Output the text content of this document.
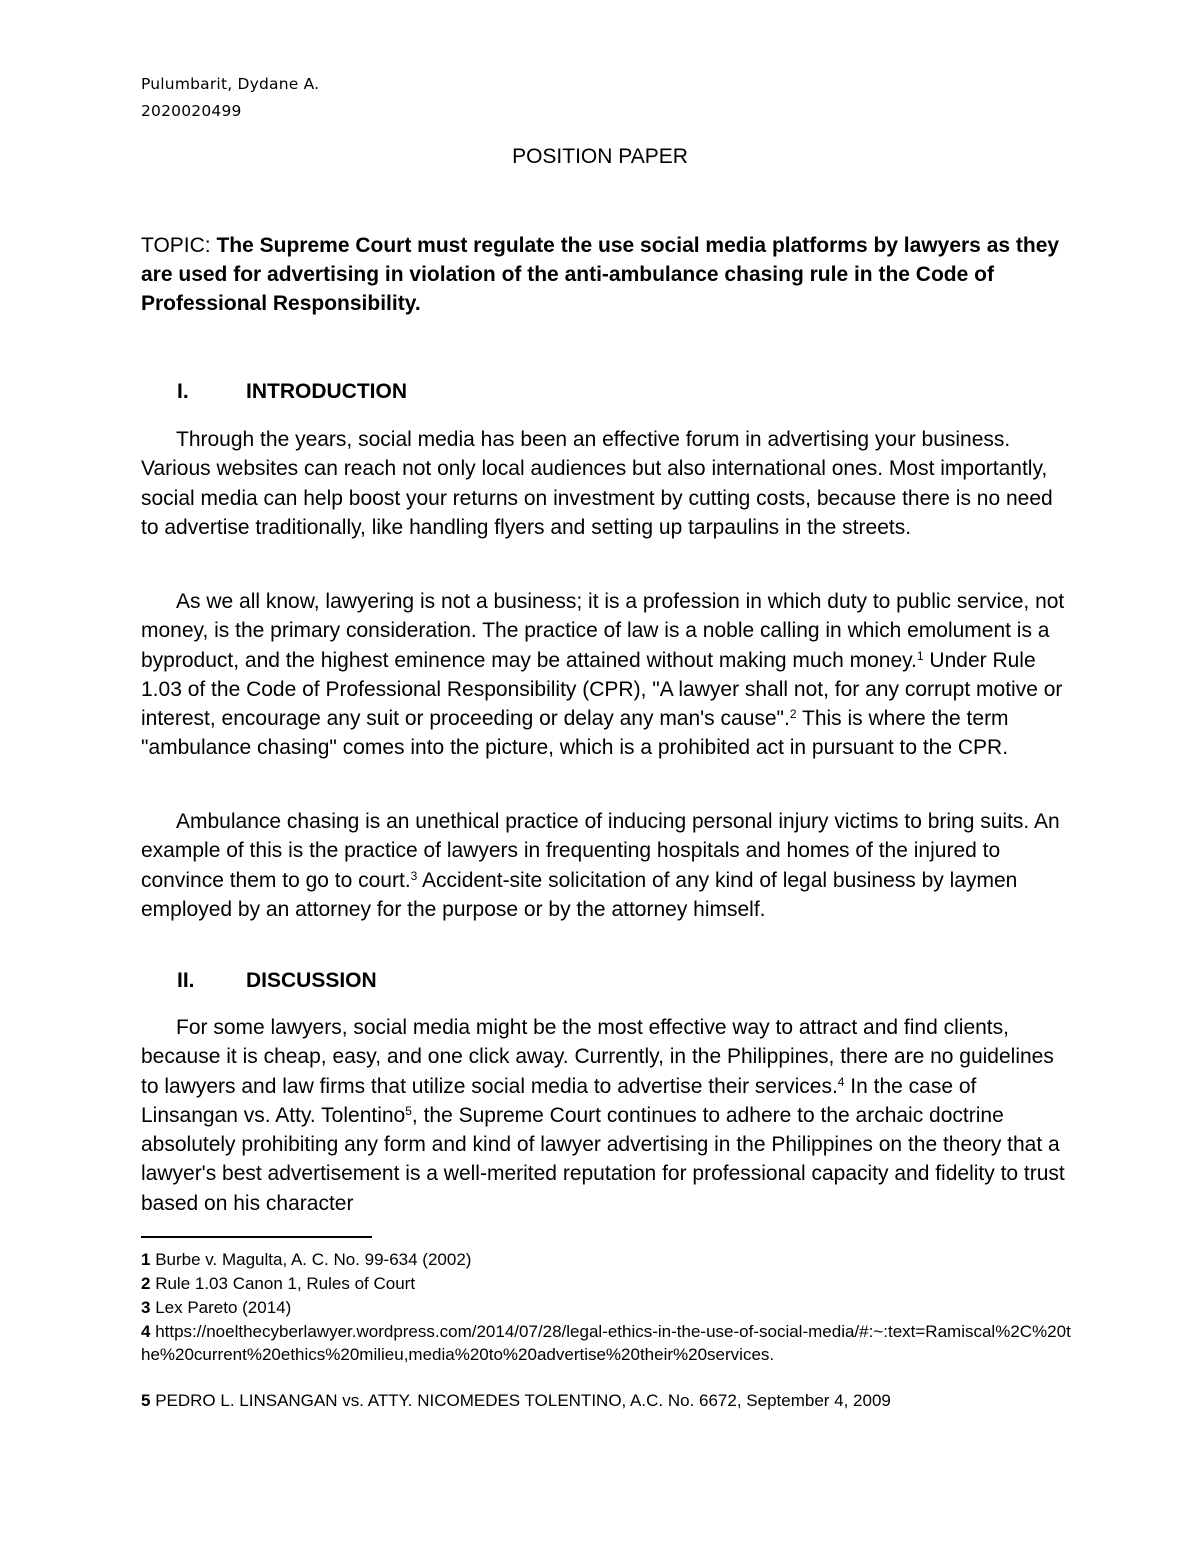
Pulumbarit, Dydane A.
2020020499
POSITION PAPER
TOPIC: The Supreme Court must regulate the use social media platforms by lawyers as they are used for advertising in violation of the anti-ambulance chasing rule in the Code of Professional Responsibility.
I.	INTRODUCTION
Through the years, social media has been an effective forum in advertising your business. Various websites can reach not only local audiences but also international ones. Most importantly, social media can help boost your returns on investment by cutting costs, because there is no need to advertise traditionally, like handling flyers and setting up tarpaulins in the streets.
As we all know, lawyering is not a business; it is a profession in which duty to public service, not money, is the primary consideration. The practice of law is a noble calling in which emolument is a byproduct, and the highest eminence may be attained without making much money.$^1$ Under Rule 1.03 of the Code of Professional Responsibility (CPR), "A lawyer shall not, for any corrupt motive or interest, encourage any suit or proceeding or delay any man's cause".$^2$ This is where the term "ambulance chasing" comes into the picture, which is a prohibited act in pursuant to the CPR.
Ambulance chasing is an unethical practice of inducing personal injury victims to bring suits. An example of this is the practice of lawyers in frequenting hospitals and homes of the injured to convince them to go to court.$^3$ Accident-site solicitation of any kind of legal business by laymen employed by an attorney for the purpose or by the attorney himself.
II. DISCUSSION
For some lawyers, social media might be the most effective way to attract and find clients, because it is cheap, easy, and one click away. Currently, in the Philippines, there are no guidelines to lawyers and law firms that utilize social media to advertise their services.$^4$ In the case of Linsangan vs. Atty. Tolentino$^5$, the Supreme Court continues to adhere to the archaic doctrine absolutely prohibiting any form and kind of lawyer advertising in the Philippines on the theory that a lawyer's best advertisement is a well-merited reputation for professional capacity and fidelity to trust based on his character
1 Burbe v. Magulta, A. C. No. 99-634 (2002)
2 Rule 1.03 Canon 1, Rules of Court
3 Lex Pareto (2014)
4 https://noelthecyberlawyer.wordpress.com/2014/07/28/legal-ethics-in-the-use-of-social-media/#:~:text=Ramiscal%2C%20the%20current%20ethics%20milieu,media%20to%20advertise%20their%20services.
5 PEDRO L. LINSANGAN vs. ATTY. NICOMEDES TOLENTINO, A.C. No. 6672, September 4, 2009
